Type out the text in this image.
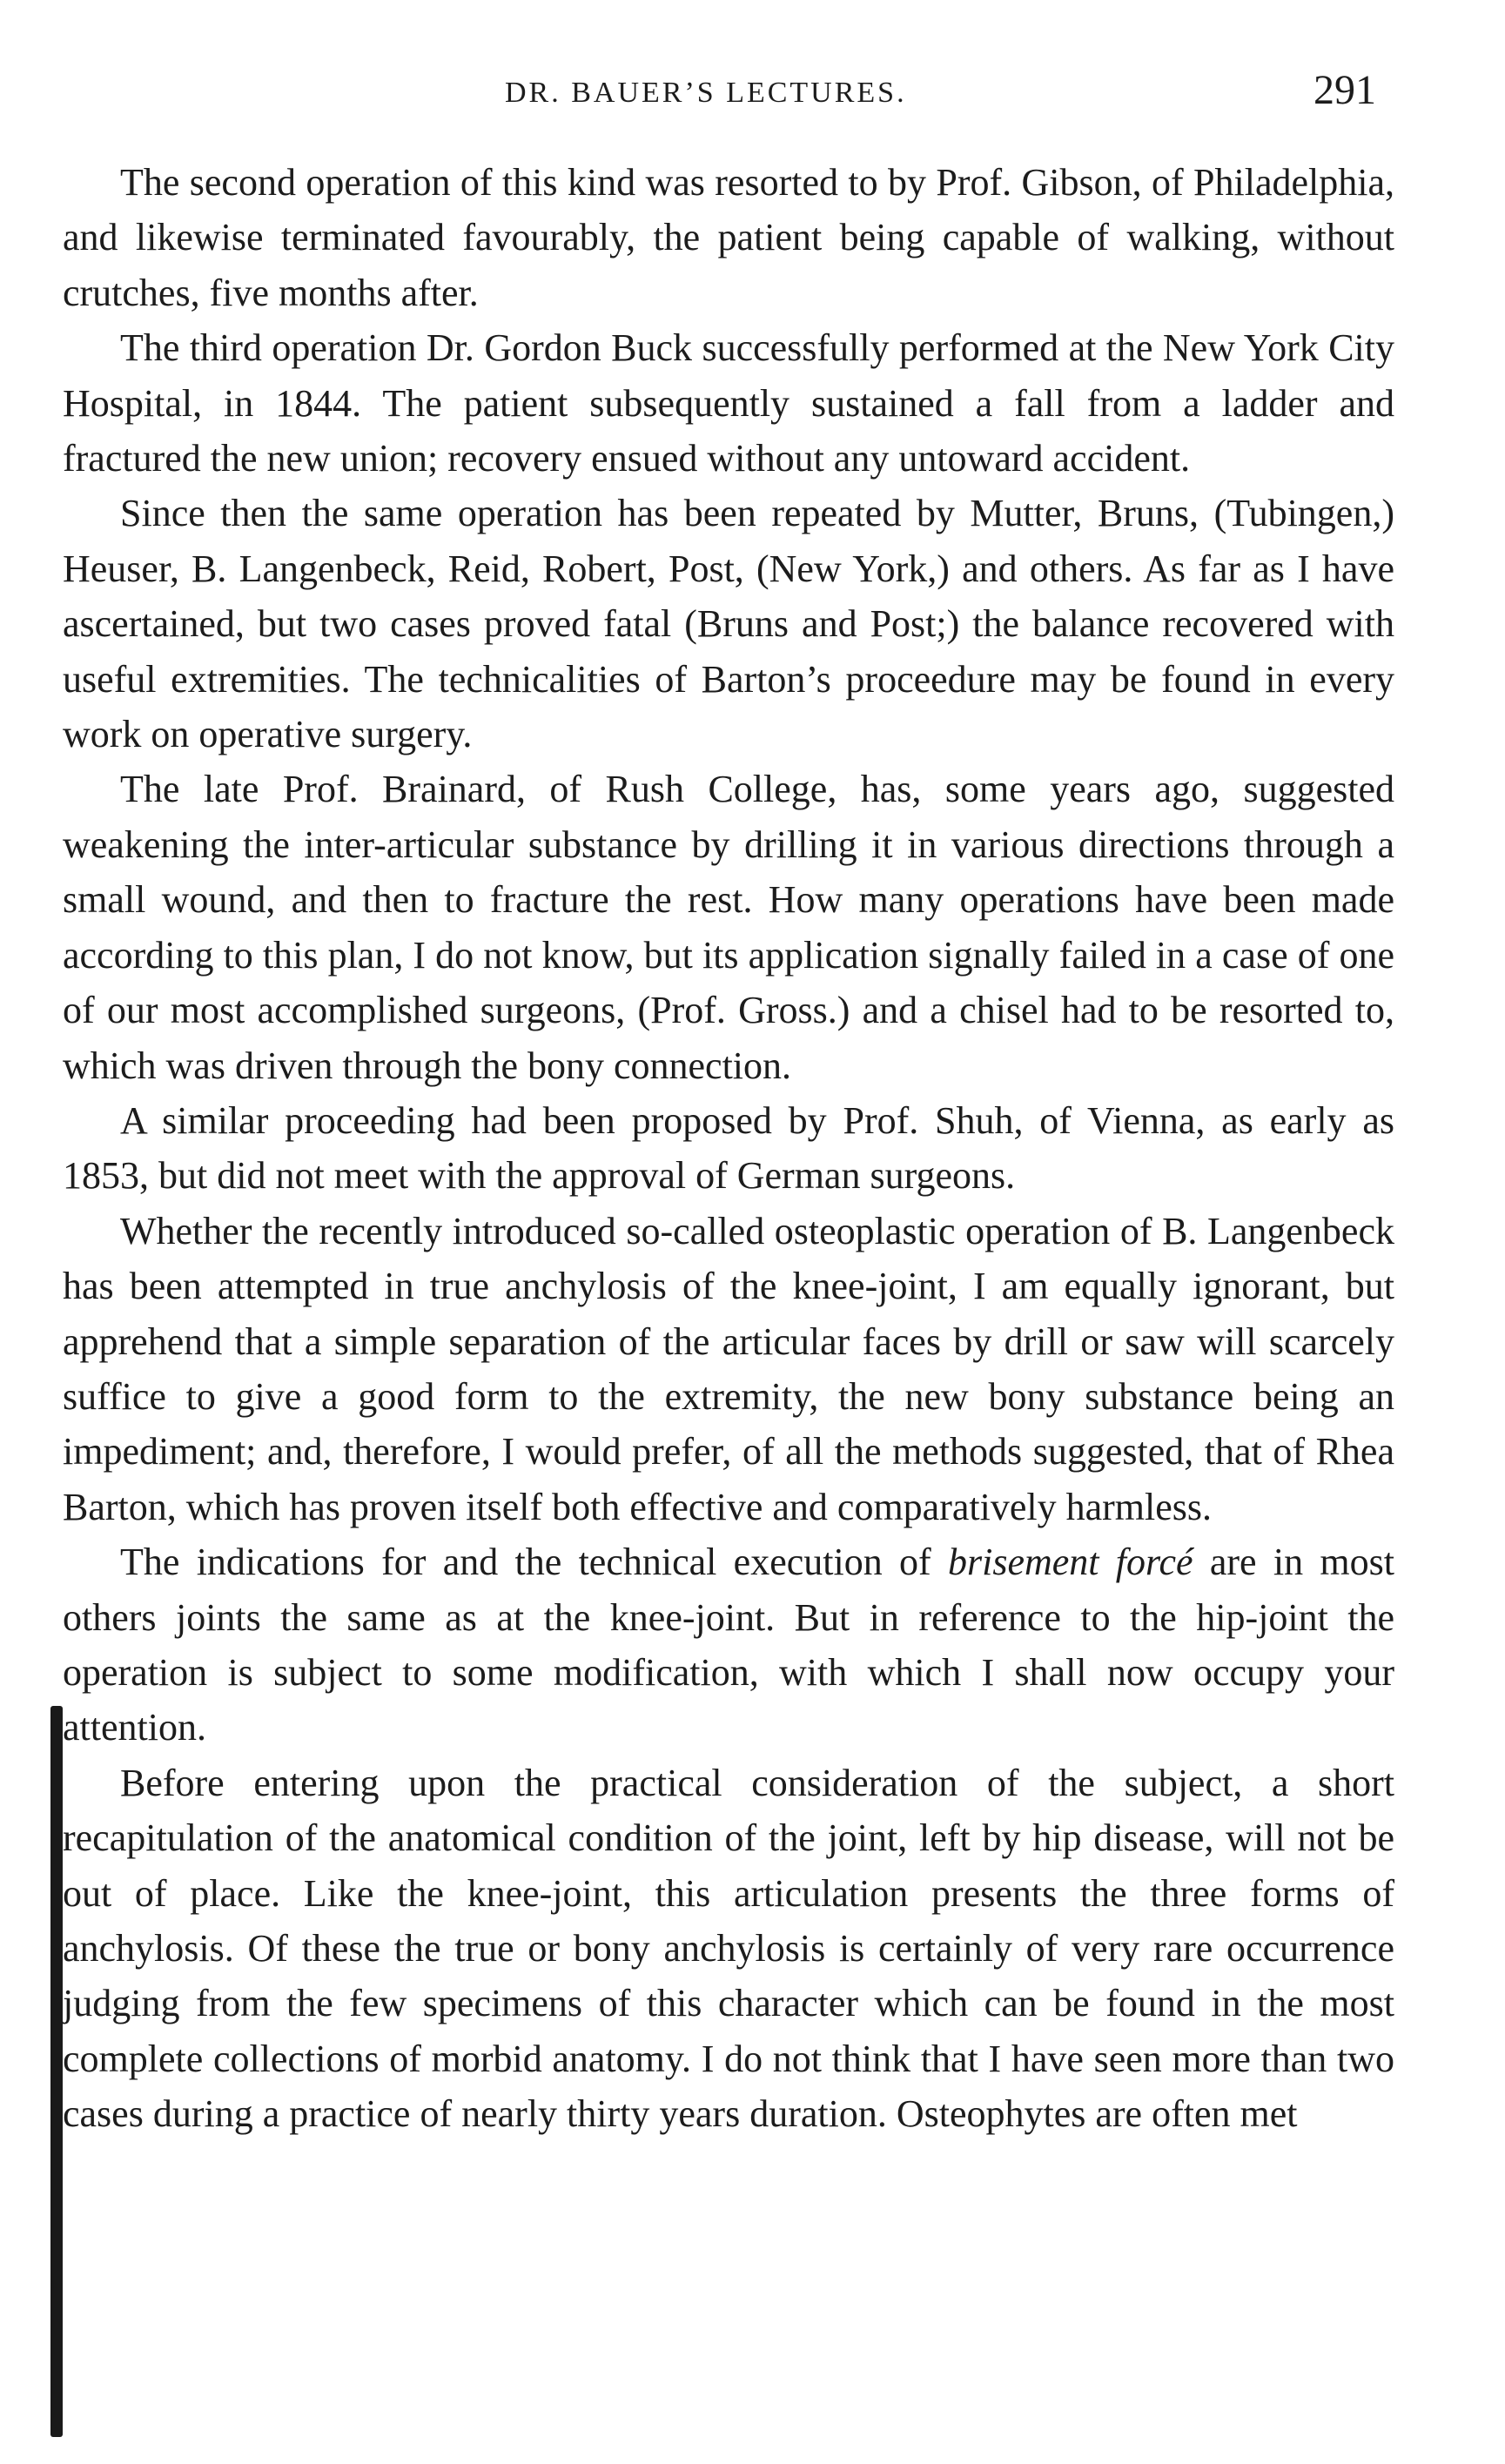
DR. BAUER’S LECTURES.	291

The second operation of this kind was resorted to by Prof. Gibson, of Philadelphia, and likewise terminated favourably, the patient being capable of walking, without crutches, five months after.

The third operation Dr. Gordon Buck successfully performed at the New York City Hospital, in 1844. The patient subsequently sustained a fall from a ladder and fractured the new union; recovery ensued without any untoward accident.

Since then the same operation has been repeated by Mutter, Bruns, (Tubingen,) Heuser, B. Langenbeck, Reid, Robert, Post, (New York,) and others. As far as I have ascertained, but two cases proved fatal (Bruns and Post;) the balance recovered with useful extremities. The technicalities of Barton’s proceedure may be found in every work on operative surgery.

The late Prof. Brainard, of Rush College, has, some years ago, suggested weakening the inter-articular substance by drilling it in various directions through a small wound, and then to fracture the rest. How many operations have been made according to this plan, I do not know, but its application signally failed in a case of one of our most accomplished surgeons, (Prof. Gross.) and a chisel had to be resorted to, which was driven through the bony connection.

A similar proceeding had been proposed by Prof. Shuh, of Vienna, as early as 1853, but did not meet with the approval of German surgeons.

Whether the recently introduced so-called osteoplastic operation of B. Langenbeck has been attempted in true anchylosis of the knee-joint, I am equally ignorant, but apprehend that a simple separation of the articular faces by drill or saw will scarcely suffice to give a good form to the extremity, the new bony substance being an impediment; and, therefore, I would prefer, of all the methods suggested, that of Rhea Barton, which has proven itself both effective and comparatively harmless.

The indications for and the technical execution of brisement forcé are in most others joints the same as at the knee-joint. But in reference to the hip-joint the operation is subject to some modification, with which I shall now occupy your attention.

Before entering upon the practical consideration of the subject, a short recapitulation of the anatomical condition of the joint, left by hip disease, will not be out of place. Like the knee-joint, this articulation presents the three forms of anchylosis. Of these the true or bony anchylosis is certainly of very rare occurrence judging from the few specimens of this character which can be found in the most complete collections of morbid anatomy. I do not think that I have seen more than two cases during a practice of nearly thirty years duration. Osteophytes are often met
